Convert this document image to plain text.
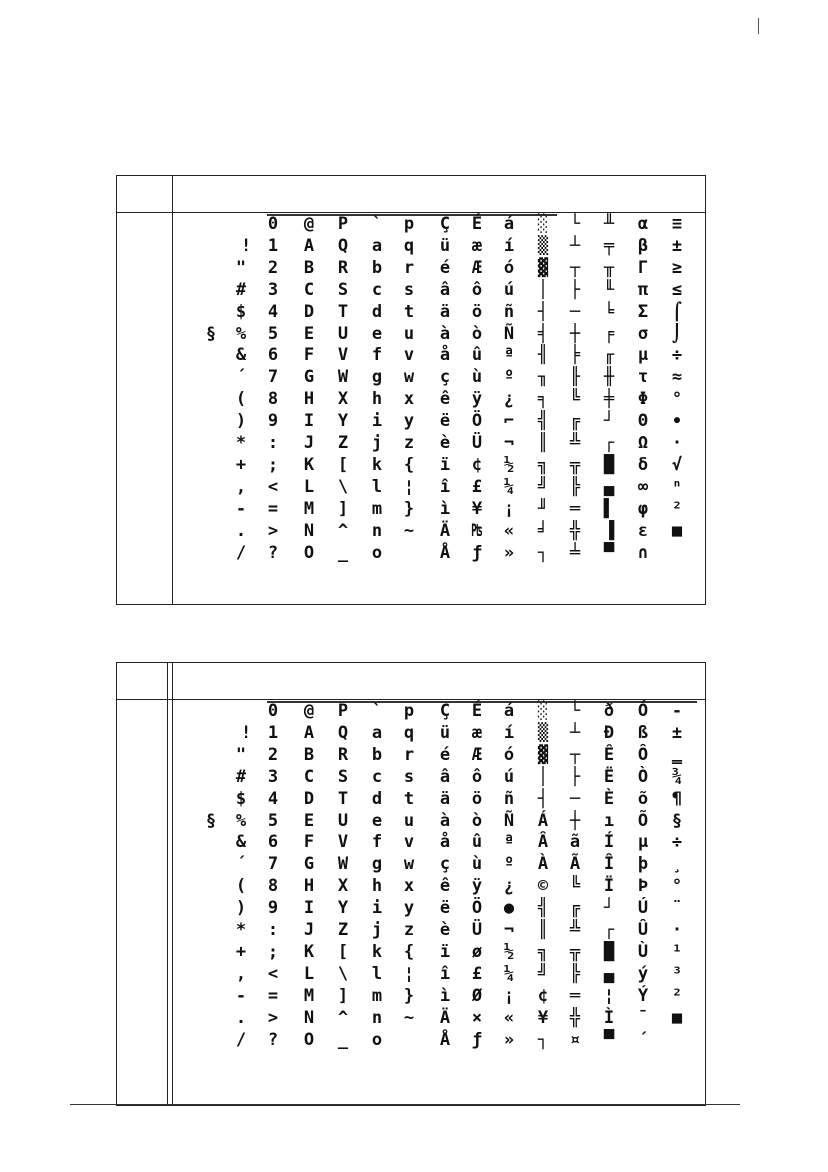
§
!
"
#
$
%
&
´
(
)
*
+
,
-
.
/
0
1
2
3
4
5
6
7
8
9
:
;
<
=
>
?
@
A
B
C
D
E
F
G
H
I
J
K
L
M
N
O
P
Q
R
S
T
U
V
W
X
Y
Z
[
\
]
^
_
`
a
b
c
d
e
f
g
h
i
j
k
l
m
n
o
p
q
r
s
t
u
v
w
x
y
z
{
¦
}
~
Ç
ü
é
â
ä
à
å
ç
ê
ë
è
ï
î
ì
Ä
Å
É
æ
Æ
ô
ö
ò
û
ù
ÿ
Ö
Ü
¢
£
¥
₧
ƒ
á
í
ó
ú
ñ
Ñ
ª
º
¿
⌐
¬
½
¼
¡
«
»
░
▒
▓
│
┤
╡
╢
╖
╕
╣
║
╗
╝
╜
╛
┐
└
┴
┬
├
─
┼
╞
╟
╚
╔
╩
╦
╠
═
╬
╧
╨
╤
╥
╙
╘
╒
╓
╫
╪
┘
┌
█
▄
▌
▐
▀
α
β
Γ
π
Σ
σ
µ
τ
Φ
Θ
Ω
δ
∞
φ
ε
∩
≡
±
≥
≤
⌠
⌡
÷
≈
°
∙
·
√
ⁿ
²
■
§
!
"
#
$
%
&
´
(
)
*
+
,
-
.
/
0
1
2
3
4
5
6
7
8
9
:
;
<
=
>
?
@
A
B
C
D
E
F
G
H
I
J
K
L
M
N
O
P
Q
R
S
T
U
V
W
X
Y
Z
[
\
]
^
_
`
a
b
c
d
e
f
g
h
i
j
k
l
m
n
o
p
q
r
s
t
u
v
w
x
y
z
{
¦
}
~
Ç
ü
é
â
ä
à
å
ç
ê
ë
è
ï
î
ì
Ä
Å
É
æ
Æ
ô
ö
ò
û
ù
ÿ
Ö
Ü
ø
£
Ø
×
ƒ
á
í
ó
ú
ñ
Ñ
ª
º
¿
●
¬
½
¼
¡
«
»
░
▒
▓
│
┤
Á
Â
À
©
╣
║
╗
╝
¢
¥
┐
└
┴
┬
├
─
┼
ã
Ã
╚
╔
╩
╦
╠
═
╬
¤
ð
Ð
Ê
Ë
È
ı
Í
Î
Ï
┘
┌
█
▄
¦
Ì
▀
Ó
ß
Ô
Ò
õ
Õ
µ
þ
Þ
Ú
Û
Ù
ý
Ý
¯
´
-
±
‗
¾
¶
§
÷
¸
°
¨
·
¹
³
²
■
